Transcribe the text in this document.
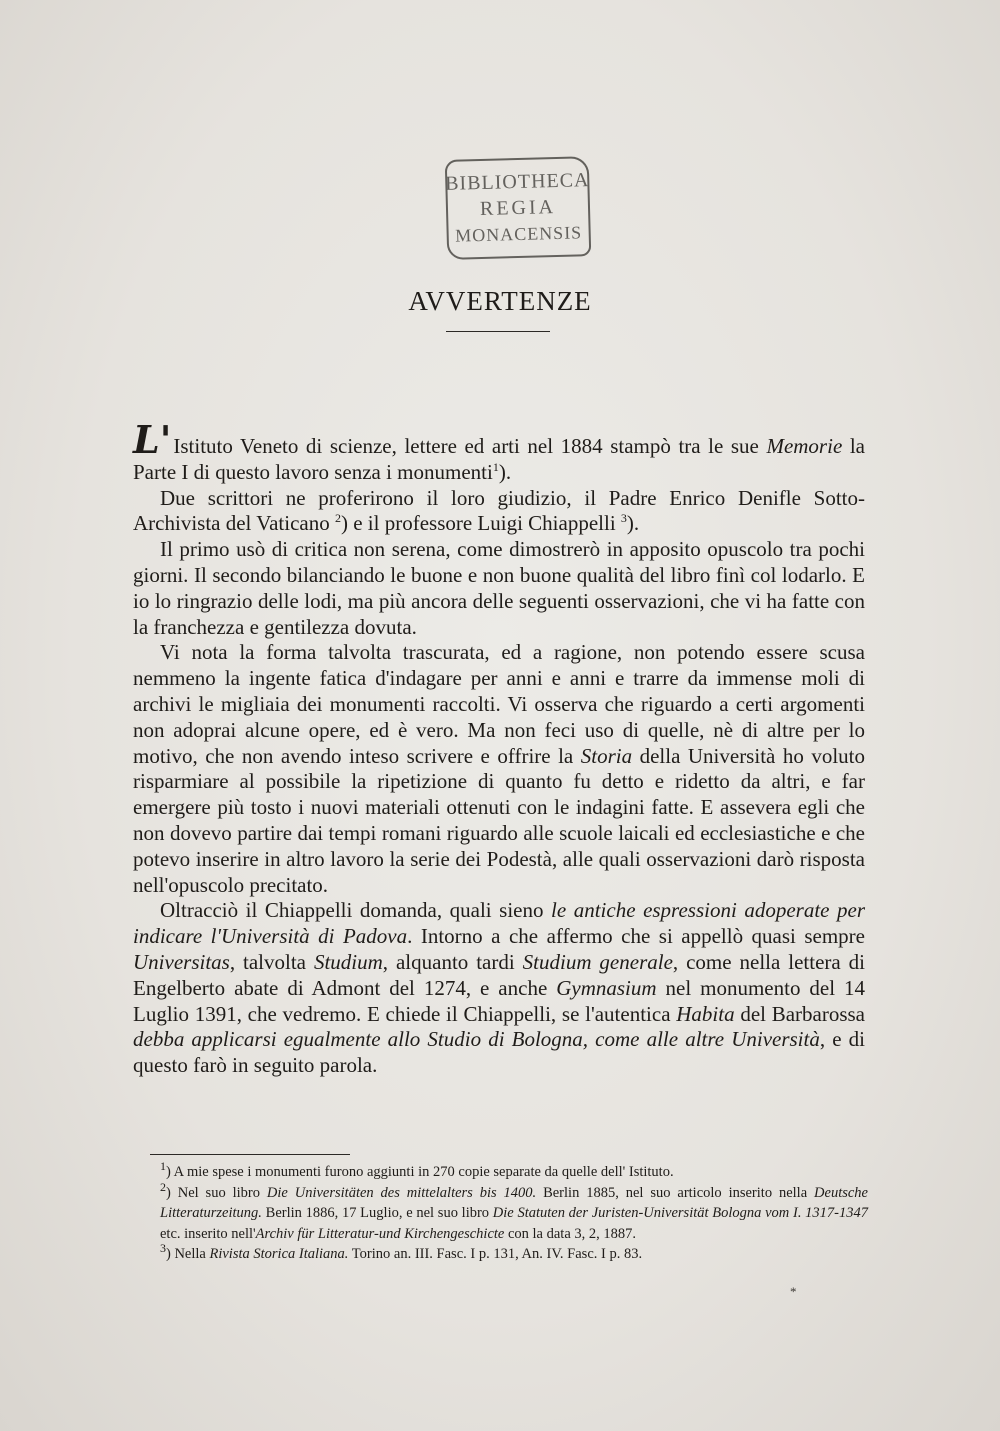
BIBLIOTHECA
REGIA
MONACENSIS
AVVERTENZE

L'Istituto Veneto di scienze, lettere ed arti nel 1884 stampò tra le sue Memorie la Parte I di questo lavoro senza i monumenti$^1$).

Due scrittori ne proferirono il loro giudizio, il Padre Enrico Denifle Sotto-Archivista del Vaticano $^2$) e il professore Luigi Chiappelli $^3$).

Il primo usò di critica non serena, come dimostrerò in apposito opuscolo tra pochi giorni. Il secondo bilanciando le buone e non buone qualità del libro finì col lodarlo. E io lo ringrazio delle lodi, ma più ancora delle seguenti osservazioni, che vi ha fatte con la franchezza e gentilezza dovuta.

Vi nota la forma talvolta trascurata, ed a ragione, non potendo essere scusa nemmeno la ingente fatica d'indagare per anni e anni e trarre da immense moli di archivi le migliaia dei monumenti raccolti. Vi osserva che riguardo a certi argomenti non adoprai alcune opere, ed è vero. Ma non feci uso di quelle, nè di altre per lo motivo, che non avendo inteso scrivere e offrire la Storia della Università ho voluto risparmiare al possibile la ripetizione di quanto fu detto e ridetto da altri, e far emergere più tosto i nuovi materiali ottenuti con le indagini fatte. E assevera egli che non dovevo partire dai tempi romani riguardo alle scuole laicali ed ecclesiastiche e che potevo inserire in altro lavoro la serie dei Podestà, alle quali osservazioni darò risposta nell'opuscolo precitato.

Oltracciò il Chiappelli domanda, quali sieno le antiche espressioni adoperate per indicare l'Università di Padova. Intorno a che affermo che si appellò quasi sempre Universitas, talvolta Studium, alquanto tardi Studium generale, come nella lettera di Engelberto abate di Admont del 1274, e anche Gymnasium nel monumento del 14 Luglio 1391, che vedremo. E chiede il Chiappelli, se l'autentica Habita del Barbarossa debba applicarsi egualmente allo Studio di Bologna, come alle altre Università, e di questo farò in seguito parola.

$^1$) A mie spese i monumenti furono aggiunti in 270 copie separate da quelle dell' Istituto.

$^2$) Nel suo libro Die Universitäten des mittelalters bis 1400. Berlin 1885, nel suo articolo inserito nella Deutsche Litteraturzeitung. Berlin 1886, 17 Luglio, e nel suo libro Die Statuten der Juristen-Universität Bologna vom I. 1317-1347 etc. inserito nell'Archiv für Litteratur-und Kirchengeschicte con la data 3, 2, 1887.

$^3$) Nella Rivista Storica Italiana. Torino an. III. Fasc. I p. 131, An. IV. Fasc. I p. 83.

*
